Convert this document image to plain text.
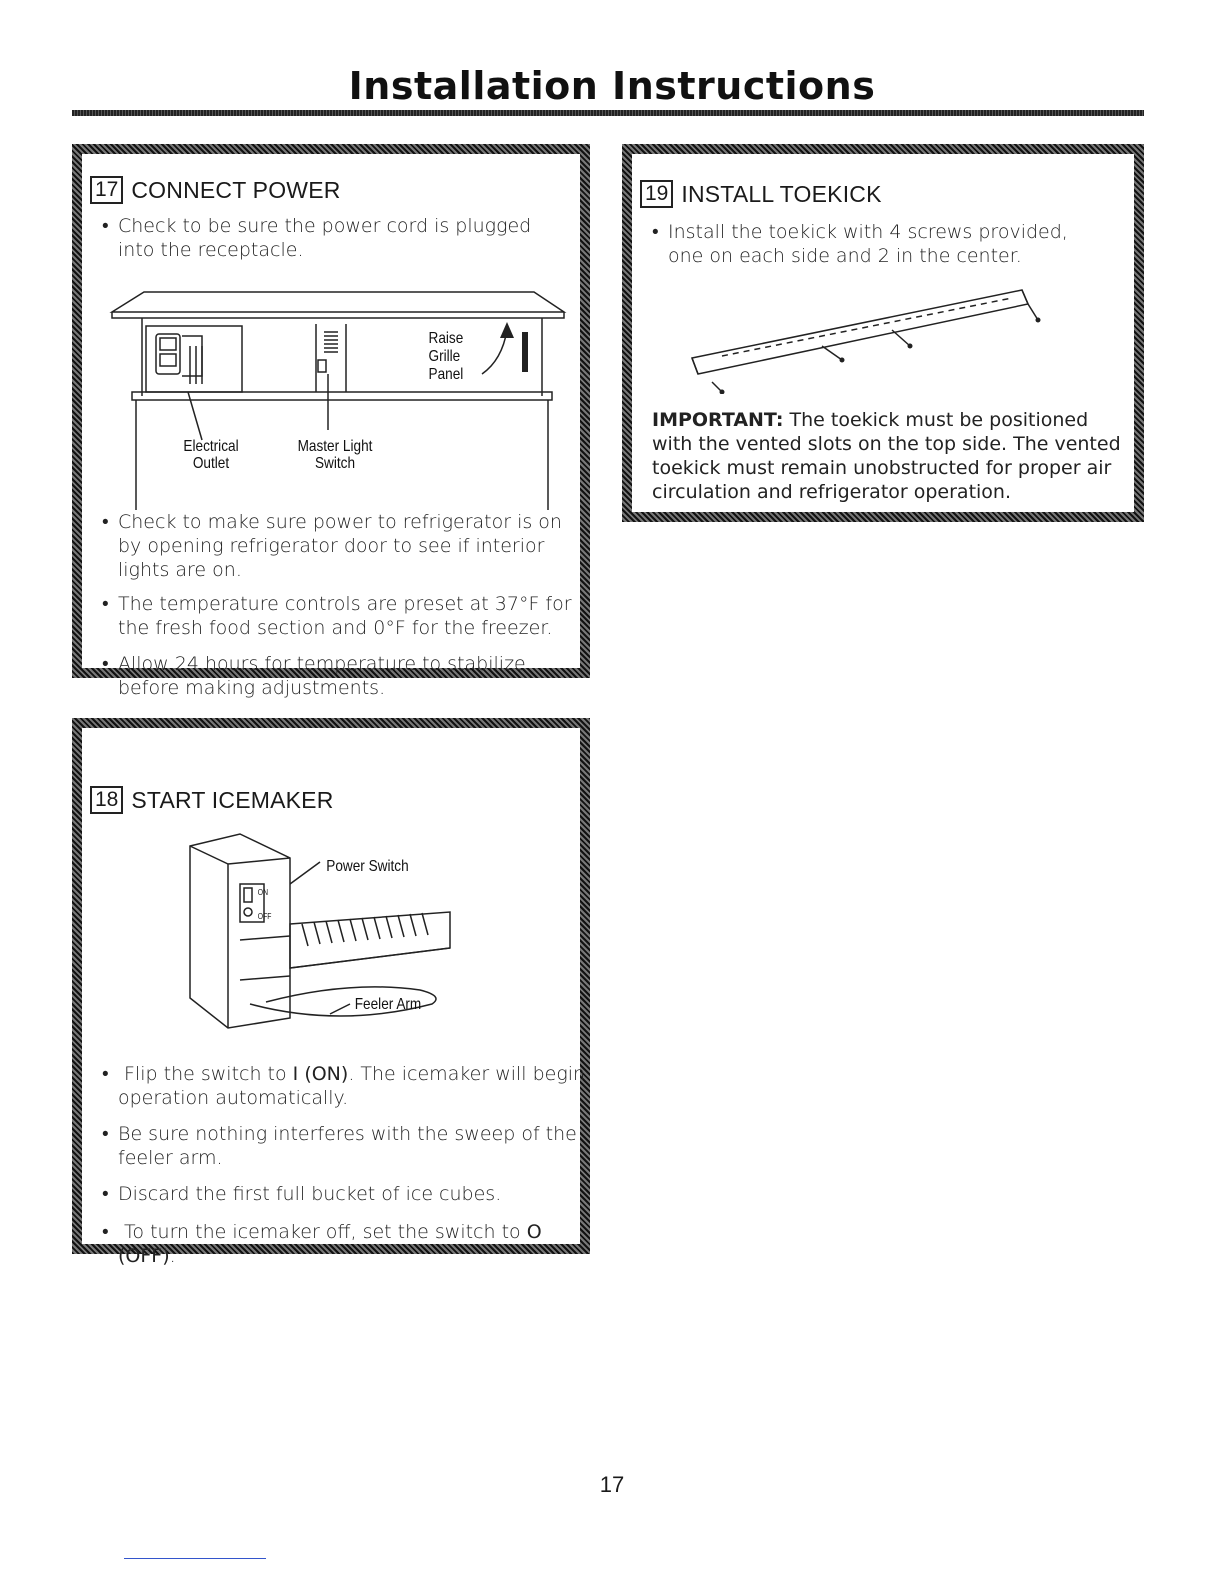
Installation Instructions
17 CONNECT POWER
• Check to be sure the power cord is plugged into the receptacle.
Raise
Grille
Panel
Electrical
Outlet
Master Light
Switch
• Check to make sure power to refrigerator is on by opening refrigerator door to see if interior lights are on.
• The temperature controls are preset at 37°F for the fresh food section and 0°F for the freezer.
• Allow 24 hours for temperature to stabilize before making adjustments.
18 START ICEMAKER
ON
OFF
Power Switch
Feeler Arm
• Flip the switch to I (ON). The icemaker will begin operation automatically.
• Be sure nothing interferes with the sweep of the feeler arm.
• Discard the first full bucket of ice cubes.
• To turn the icemaker off, set the switch to O (OFF).
19 INSTALL TOEKICK
• Install the toekick with 4 screws provided, one on each side and 2 in the center.
IMPORTANT: The toekick must be positioned with the vented slots on the top side. The vented toekick must remain unobstructed for proper air circulation and refrigerator operation.
17
